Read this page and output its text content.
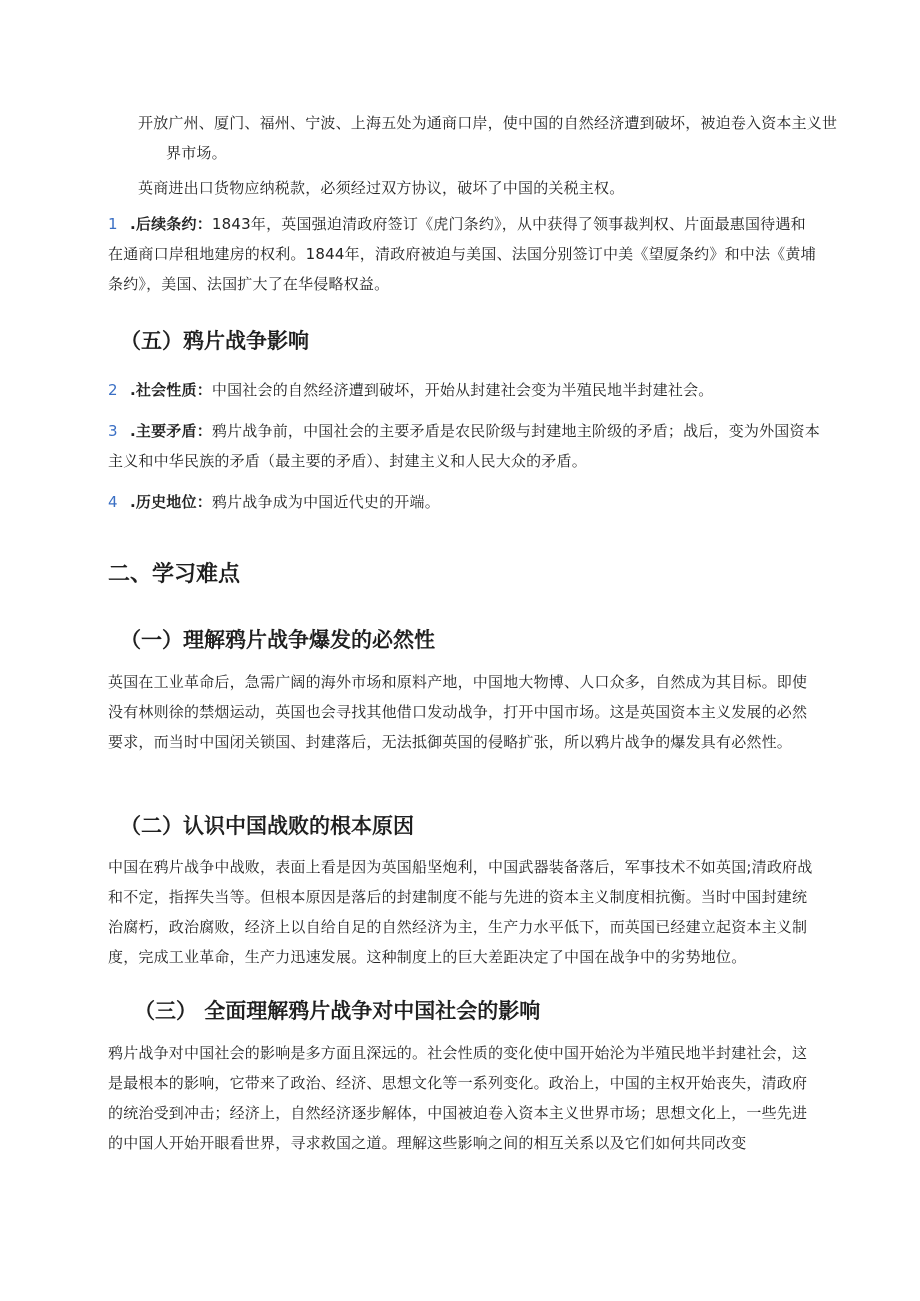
开放广州、厦门、福州、宁波、上海五处为通商口岸，使中国的自然经济遭到破坏，被迫卷入资本主义世界市场。

英商进出口货物应纳税款，必须经过双方协议，破坏了中国的关税主权。

1 .后续条约：1843年，英国强迫清政府签订《虎门条约》，从中获得了领事裁判权、片面最惠国待遇和在通商口岸租地建房的权利。1844年，清政府被迫与美国、法国分别签订中美《望厦条约》和中法《黄埔条约》，美国、法国扩大了在华侵略权益。

（五）鸦片战争影响

2 .社会性质：中国社会的自然经济遭到破坏，开始从封建社会变为半殖民地半封建社会。

3 .主要矛盾：鸦片战争前，中国社会的主要矛盾是农民阶级与封建地主阶级的矛盾；战后，变为外国资本主义和中华民族的矛盾（最主要的矛盾）、封建主义和人民大众的矛盾。

4 .历史地位：鸦片战争成为中国近代史的开端。

二、学习难点
（一）理解鸦片战争爆发的必然性

英国在工业革命后，急需广阔的海外市场和原料产地，中国地大物博、人口众多，自然成为其目标。即使没有林则徐的禁烟运动，英国也会寻找其他借口发动战争，打开中国市场。这是英国资本主义发展的必然要求，而当时中国闭关锁国、封建落后，无法抵御英国的侵略扩张，所以鸦片战争的爆发具有必然性。

（二）认识中国战败的根本原因

中国在鸦片战争中战败，表面上看是因为英国船坚炮利，中国武器装备落后，军事技术不如英国;清政府战和不定，指挥失当等。但根本原因是落后的封建制度不能与先进的资本主义制度相抗衡。当时中国封建统治腐朽，政治腐败，经济上以自给自足的自然经济为主，生产力水平低下，而英国已经建立起资本主义制度，完成工业革命，生产力迅速发展。这种制度上的巨大差距决定了中国在战争中的劣势地位。

（三） 全面理解鸦片战争对中国社会的影响

鸦片战争对中国社会的影响是多方面且深远的。社会性质的变化使中国开始沦为半殖民地半封建社会，这是最根本的影响，它带来了政治、经济、思想文化等一系列变化。政治上，中国的主权开始丧失，清政府的统治受到冲击；经济上，自然经济逐步解体，中国被迫卷入资本主义世界市场；思想文化上，一些先进的中国人开始开眼看世界，寻求救国之道。理解这些影响之间的相互关系以及它们如何共同改变
